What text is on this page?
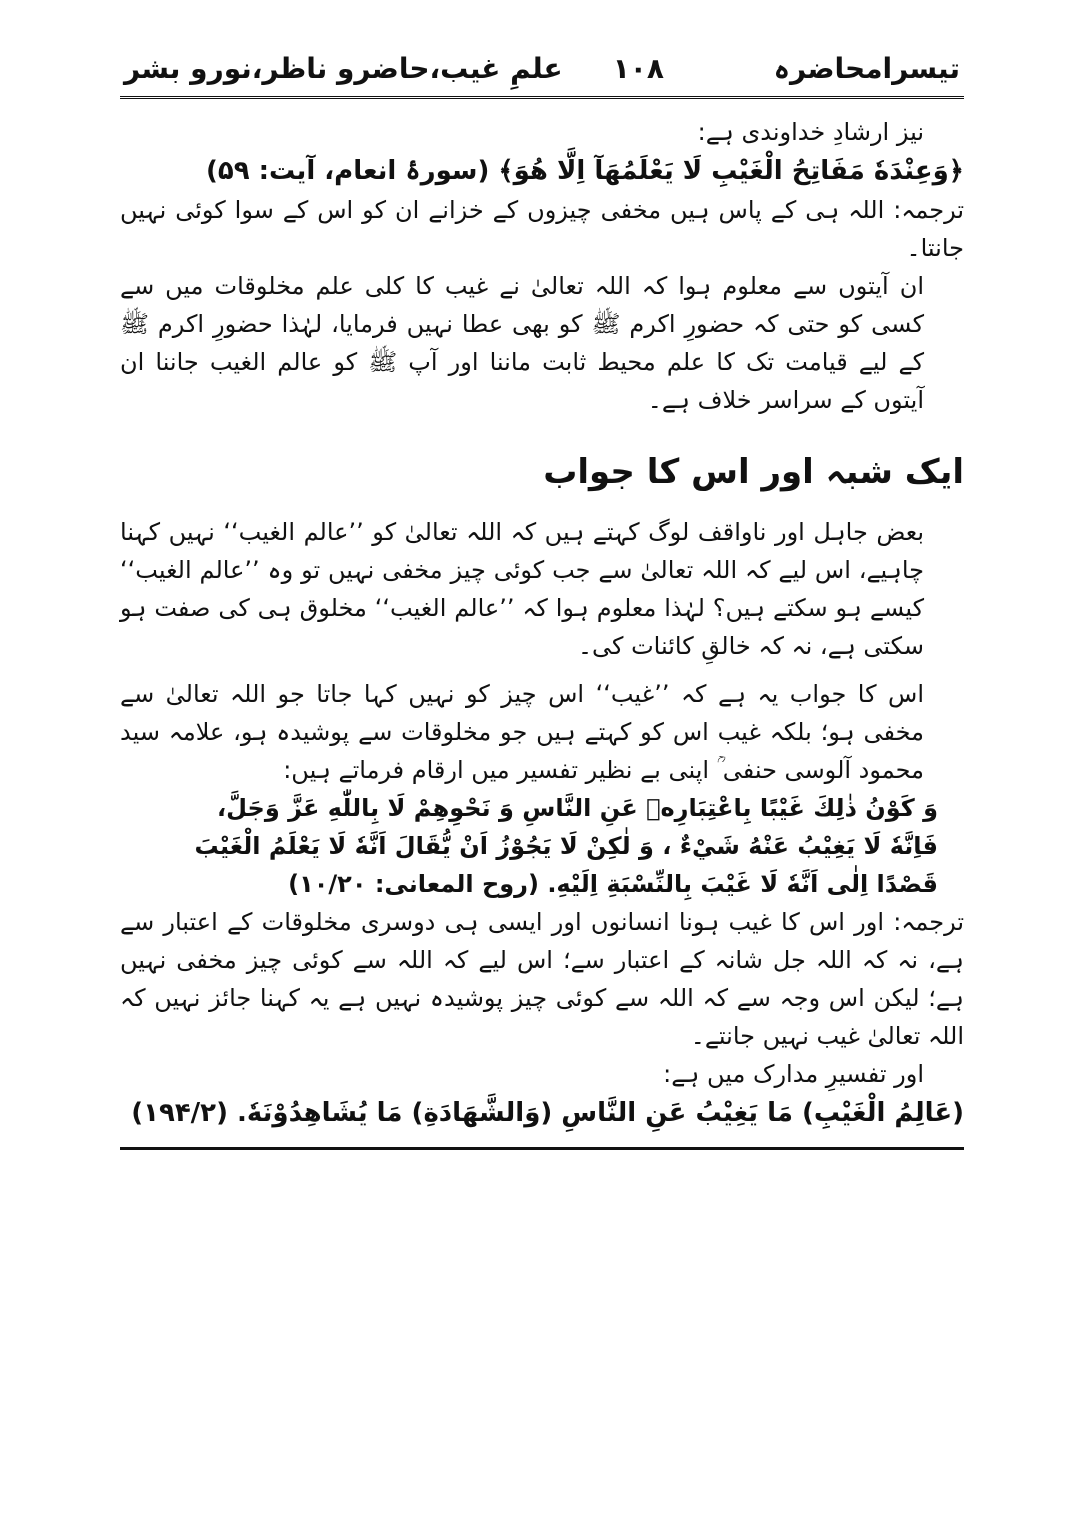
تیسرامحاضرہ
۱۰۸
علمِ غیب،حاضرو ناظر،نورو بشر

نیز ارشادِ خداوندی ہے:

﴿وَعِنْدَهٗ مَفَاتِحُ الْغَيْبِ لَا يَعْلَمُهَآ اِلَّا هُوَ﴾ (سورۂ انعام، آیت: ۵۹)

ترجمہ: اللہ ہی کے پاس ہیں مخفی چیزوں کے خزانے ان کو اس کے سوا کوئی نہیں جانتا۔

ان آیتوں سے معلوم ہوا کہ اللہ تعالیٰ نے غیب کا کلی علم مخلوقات میں سے کسی کو حتی کہ حضورِ اکرم ﷺ کو بھی عطا نہیں فرمایا، لہٰذا حضورِ اکرم ﷺ کے لیے قیامت تک کا علم محیط ثابت ماننا اور آپ ﷺ کو عالم الغیب جاننا ان آیتوں کے سراسر خلاف ہے۔

ایک شبہ اور اس کا جواب

بعض جاہل اور ناواقف لوگ کہتے ہیں کہ اللہ تعالیٰ کو ’’عالم الغیب‘‘ نہیں کہنا چاہیے، اس لیے کہ اللہ تعالیٰ سے جب کوئی چیز مخفی نہیں تو وہ ’’عالم الغیب‘‘ کیسے ہو سکتے ہیں؟ لہٰذا معلوم ہوا کہ ’’عالم الغیب‘‘ مخلوق ہی کی صفت ہو سکتی ہے، نہ کہ خالقِ کائنات کی۔

اس کا جواب یہ ہے کہ ’’غیب‘‘ اس چیز کو نہیں کہا جاتا جو اللہ تعالیٰ سے مخفی ہو؛ بلکہ غیب اس کو کہتے ہیں جو مخلوقات سے پوشیدہ ہو، علامہ سید محمود آلوسی حنفی ؒ اپنی بے نظیر تفسیر میں ارقام فرماتے ہیں:

وَ كَوْنُ ذٰلِكَ غَيْبًا بِاعْتِبَارِهٖ عَنِ النَّاسِ وَ نَحْوِهِمْ لَا بِاللّٰهِ عَزَّ وَجَلَّ،
فَاِنَّهٗ لَا يَغِيْبُ عَنْهُ شَيْءٌ ، وَ لٰكِنْ لَا يَجُوْزُ اَنْ يُّقَالَ اَنَّهٗ لَا يَعْلَمُ الْغَيْبَ
قَصْدًا اِلٰى اَنَّهٗ لَا غَيْبَ بِالنِّسْبَةِ اِلَيْهِ. (روح المعانی: ۱۰/۲۰)

ترجمہ: اور اس کا غیب ہونا انسانوں اور ایسی ہی دوسری مخلوقات کے اعتبار سے ہے، نہ کہ اللہ جل شانہ کے اعتبار سے؛ اس لیے کہ اللہ سے کوئی چیز مخفی نہیں ہے؛ لیکن اس وجہ سے کہ اللہ سے کوئی چیز پوشیدہ نہیں ہے یہ کہنا جائز نہیں کہ اللہ تعالیٰ غیب نہیں جانتے۔

اور تفسیرِ مدارک میں ہے:

(عَالِمُ الْغَيْبِ) مَا يَغِيْبُ عَنِ النَّاسِ (وَالشَّهَادَةِ) مَا يُشَاهِدُوْنَهٗ. (۱۹۴/۲)
